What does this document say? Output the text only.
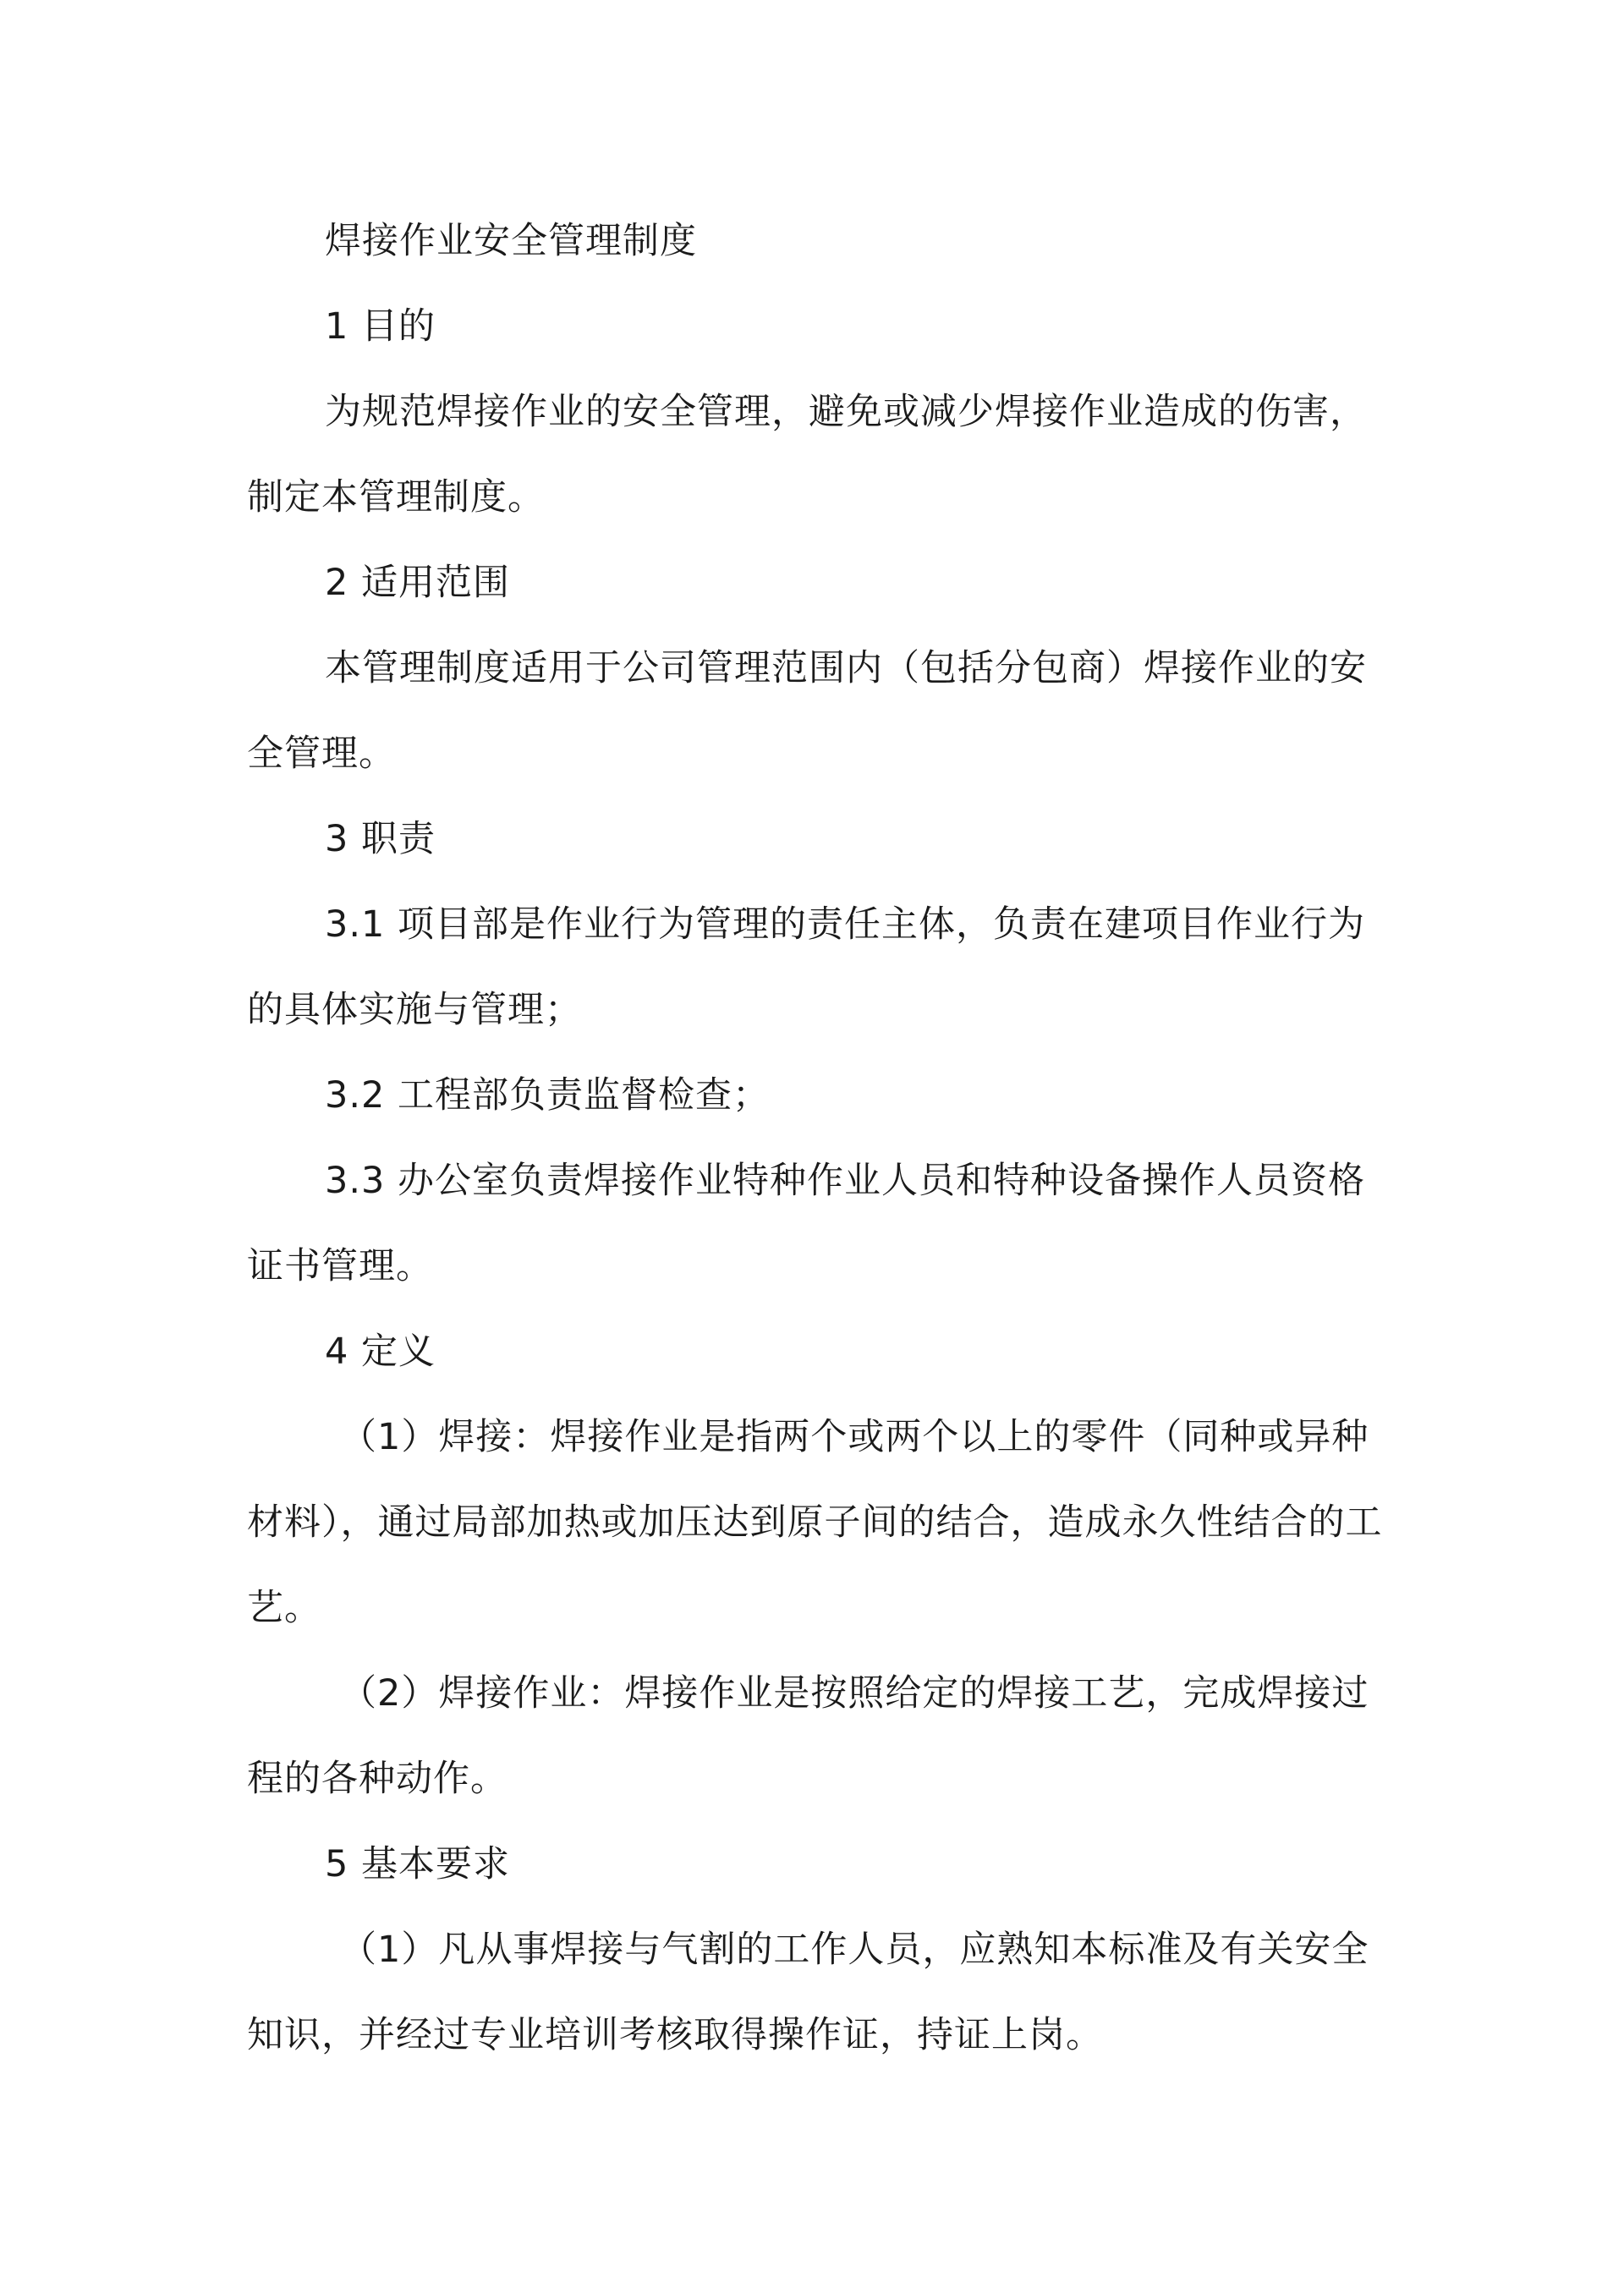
焊接作业安全管理制度

1 目的

为规范焊接作业的安全管理，避免或减少焊接作业造成的伤害，制定本管理制度。

2 适用范围

本管理制度适用于公司管理范围内（包括分包商）焊接作业的安全管理。

3 职责

3.1 项目部是作业行为管理的责任主体，负责在建项目作业行为的具体实施与管理；

3.2 工程部负责监督检查；

3.3 办公室负责焊接作业特种作业人员和特种设备操作人员资格证书管理。

4 定义

（1）焊接：焊接作业是指两个或两个以上的零件（同种或异种材料），通过局部加热或加压达到原子间的结合，造成永久性结合的工艺。

（2）焊接作业：焊接作业是按照给定的焊接工艺，完成焊接过程的各种动作。

5 基本要求

（1）凡从事焊接与气割的工作人员，应熟知本标准及有关安全知识，并经过专业培训考核取得操作证，持证上岗。
